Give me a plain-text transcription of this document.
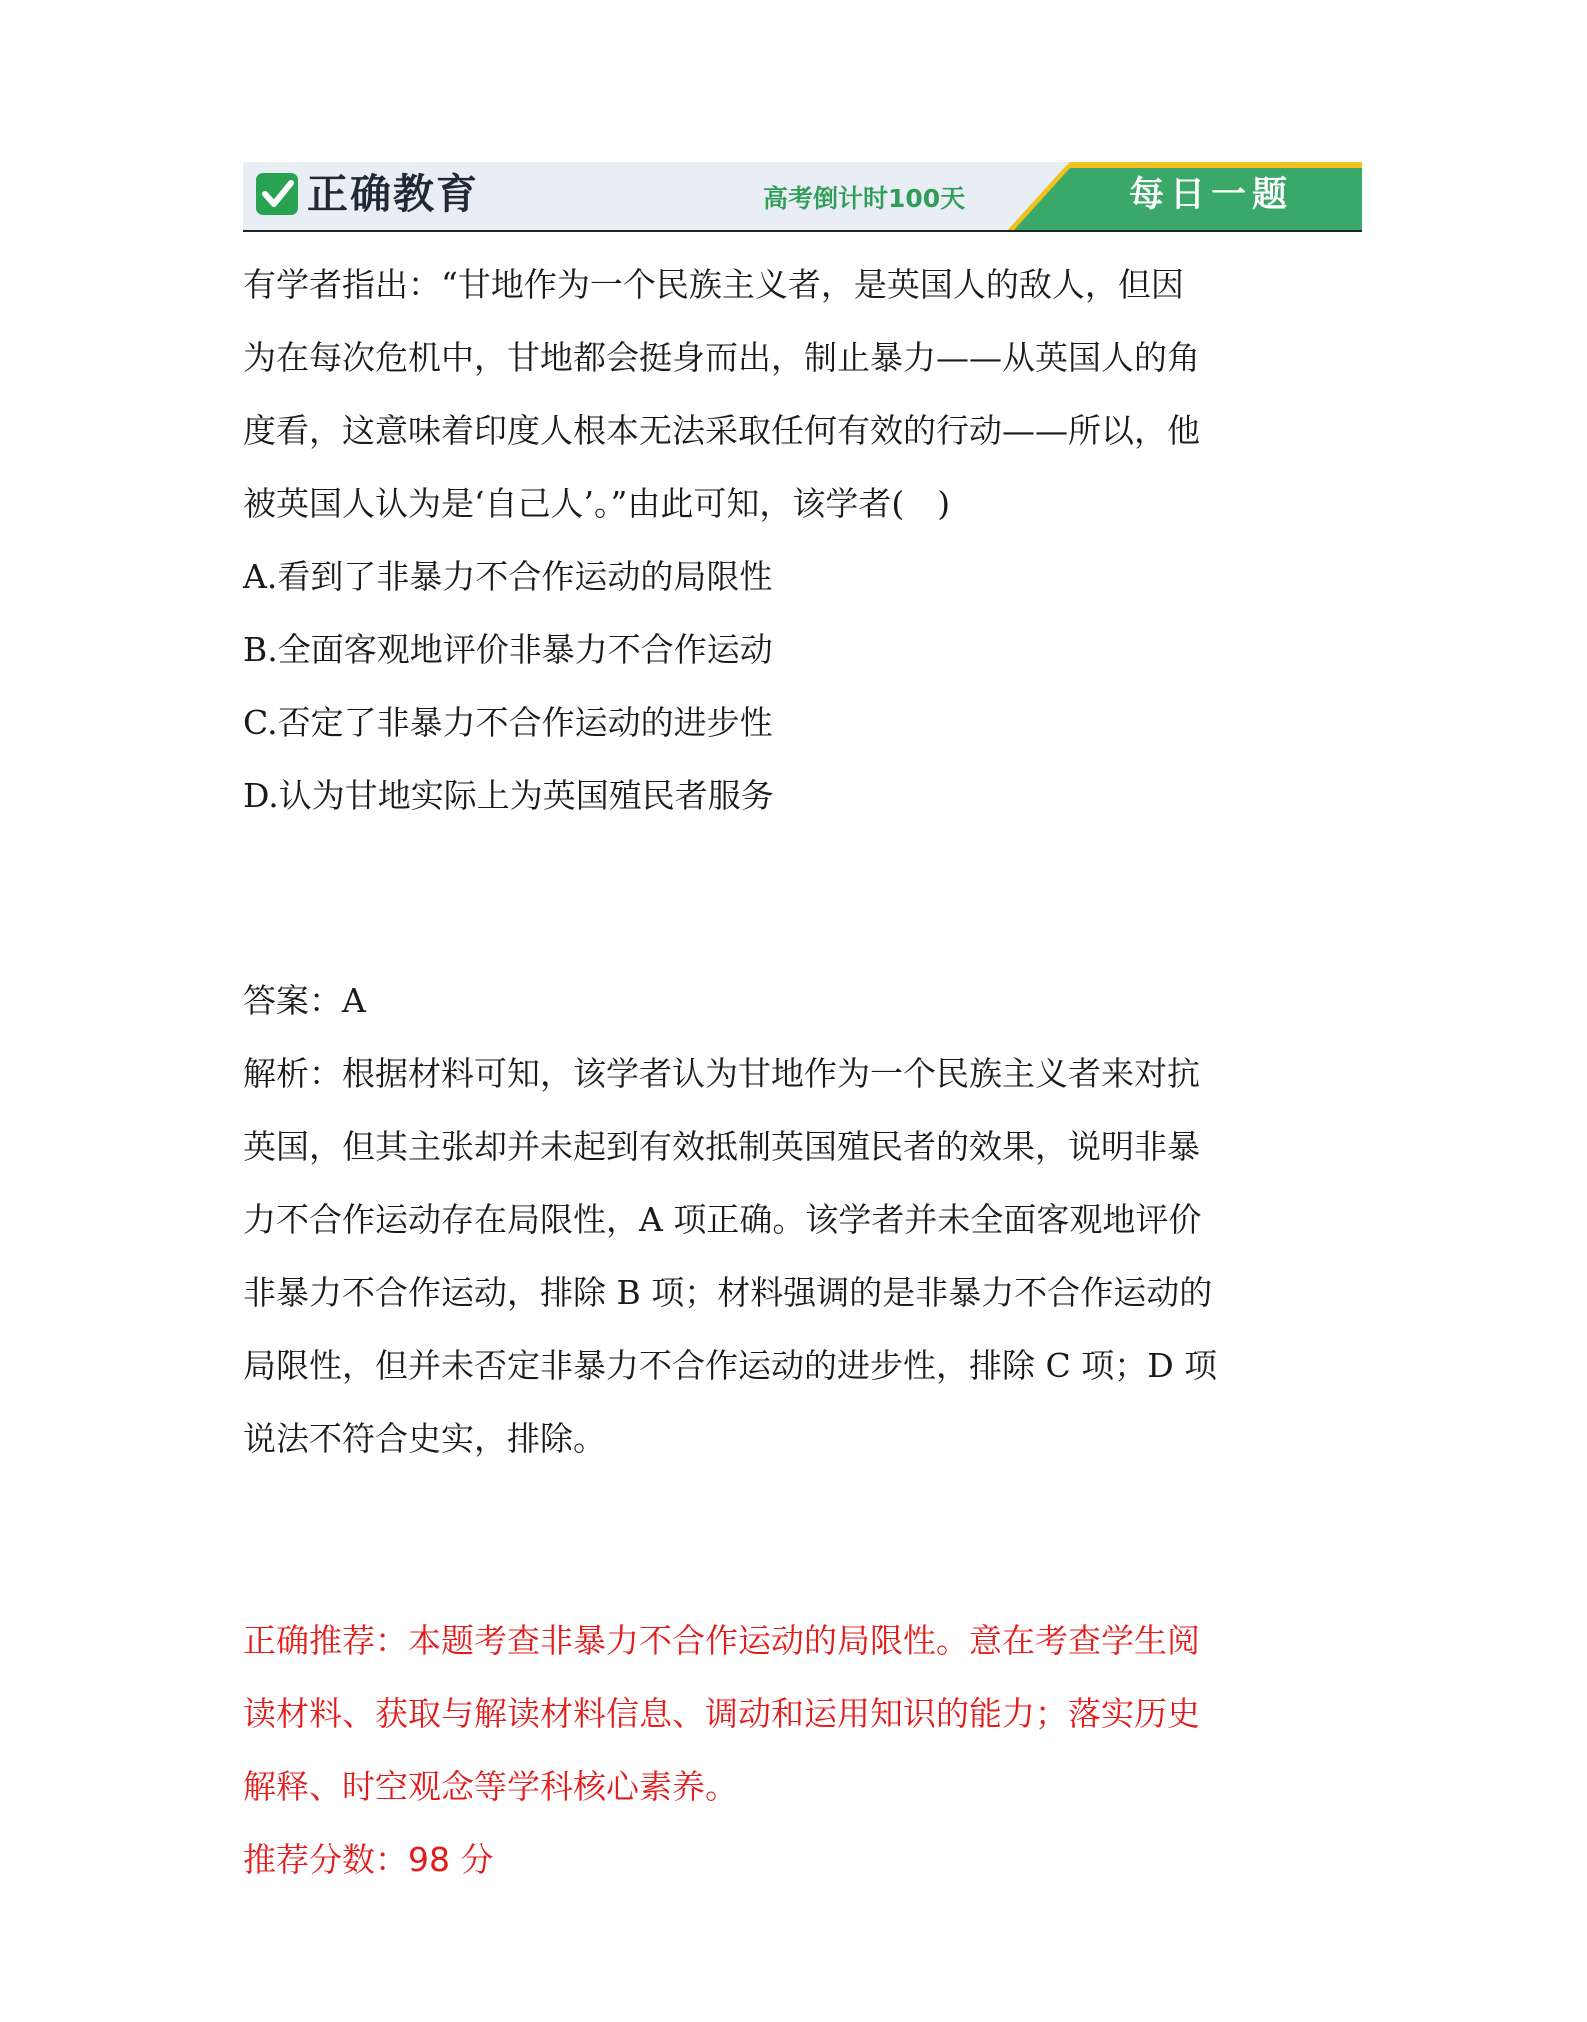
正确教育	高考倒计时100天	每日一题
有学者指出：“甘地作为一个民族主义者，是英国人的敌人，但因
为在每次危机中，甘地都会挺身而出，制止暴力——从英国人的角
度看，这意味着印度人根本无法采取任何有效的行动——所以，他
被英国人认为是‘自己人’。”由此可知，该学者(　)
A.看到了非暴力不合作运动的局限性
B.全面客观地评价非暴力不合作运动
C.否定了非暴力不合作运动的进步性
D.认为甘地实际上为英国殖民者服务
答案：A
解析：根据材料可知，该学者认为甘地作为一个民族主义者来对抗
英国，但其主张却并未起到有效抵制英国殖民者的效果，说明非暴
力不合作运动存在局限性，A 项正确。该学者并未全面客观地评价
非暴力不合作运动，排除 B 项；材料强调的是非暴力不合作运动的
局限性，但并未否定非暴力不合作运动的进步性，排除 C 项；D 项
说法不符合史实，排除。
正确推荐：本题考查非暴力不合作运动的局限性。意在考查学生阅
读材料、获取与解读材料信息、调动和运用知识的能力；落实历史
解释、时空观念等学科核心素养。
推荐分数：98 分
